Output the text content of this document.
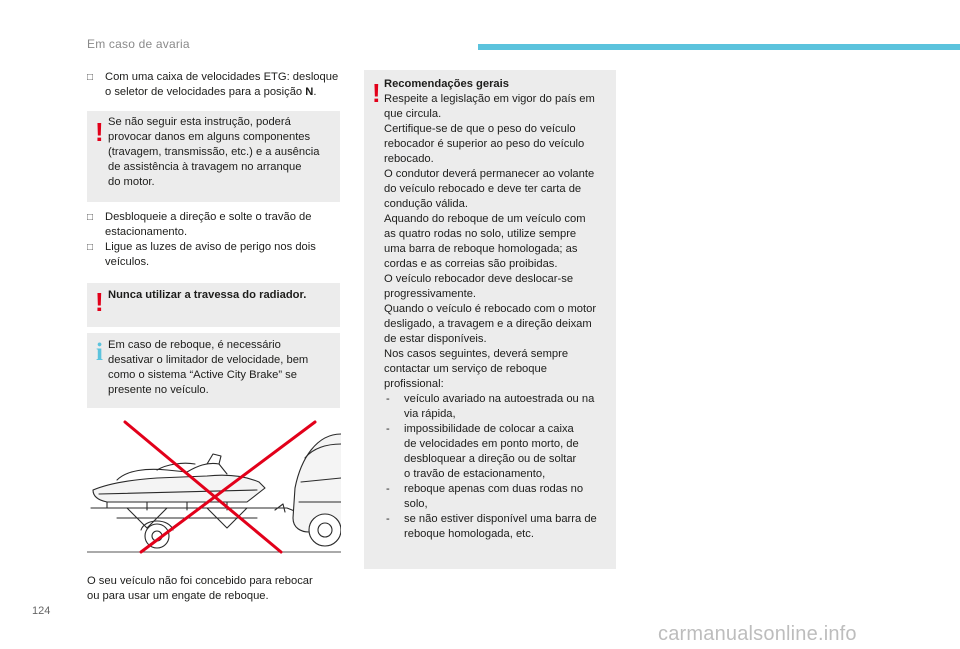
Em caso de avaria
□	Com uma caixa de velocidades ETG: desloque o seletor de velocidades para a posição N.
! Se não seguir esta instrução, poderá
provocar danos em alguns componentes
(travagem, transmissão, etc.) e a ausência
de assistência à travagem no arranque
do motor.
□	Desbloqueie a direção e solte o travão de estacionamento.
□	Ligue as luzes de aviso de perigo nos dois veículos.
! Nunca utilizar a travessa do radiador.
i Em caso de reboque, é necessário
desativar o limitador de velocidade, bem
como o sistema “Active City Brake” se
presente no veículo.
O seu veículo não foi concebido para rebocar
ou para usar um engate de reboque.
! Recomendações gerais
Respeite a legislação em vigor do país em
que circula.
Certifique-se de que o peso do veículo
rebocador é superior ao peso do veículo
rebocado.
O condutor deverá permanecer ao volante
do veículo rebocado e deve ter carta de
condução válida.
Aquando do reboque de um veículo com
as quatro rodas no solo, utilize sempre
uma barra de reboque homologada; as
cordas e as correias são proibidas.
O veículo rebocador deve deslocar-se
progressivamente.
Quando o veículo é rebocado com o motor
desligado, a travagem e a direção deixam
de estar disponíveis.
Nos casos seguintes, deverá sempre
contactar um serviço de reboque
profissional:
- veículo avariado na autoestrada ou na
via rápida,
- impossibilidade de colocar a caixa
de velocidades em ponto morto, de
desbloquear a direção ou de soltar
o travão de estacionamento,
- reboque apenas com duas rodas no
solo,
- se não estiver disponível uma barra de
reboque homologada, etc.
124
carmanualsonline.info
